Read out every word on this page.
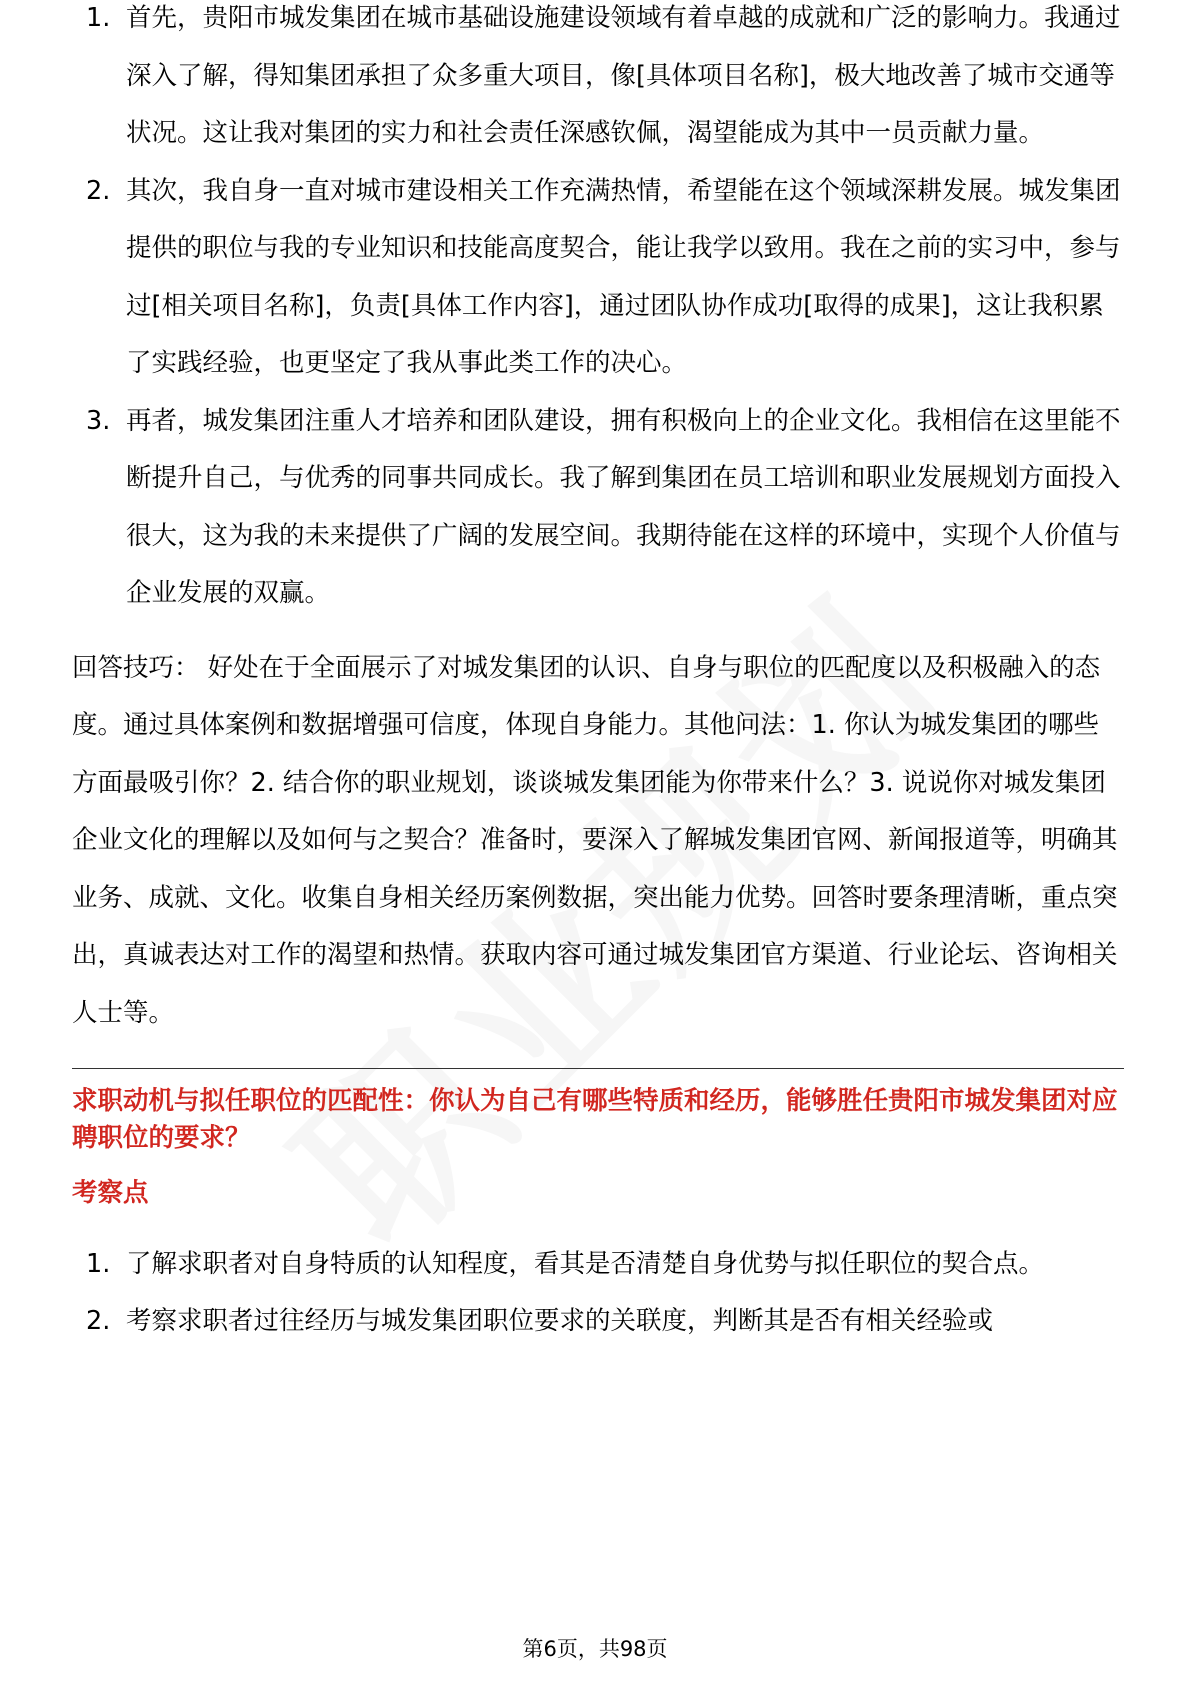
1. 首先，贵阳市城发集团在城市基础设施建设领域有着卓越的成就和广泛的影响力。我通过深入了解，得知集团承担了众多重大项目，像[具体项目名称]，极大地改善了城市交通等状况。这让我对集团的实力和社会责任深感钦佩，渴望能成为其中一员贡献力量。
2. 其次，我自身一直对城市建设相关工作充满热情，希望能在这个领域深耕发展。城发集团提供的职位与我的专业知识和技能高度契合，能让我学以致用。我在之前的实习中，参与过[相关项目名称]，负责[具体工作内容]，通过团队协作成功[取得的成果]，这让我积累了实践经验，也更坚定了我从事此类工作的决心。
3. 再者，城发集团注重人才培养和团队建设，拥有积极向上的企业文化。我相信在这里能不断提升自己，与优秀的同事共同成长。我了解到集团在员工培训和职业发展规划方面投入很大，这为我的未来提供了广阔的发展空间。我期待能在这样的环境中，实现个人价值与企业发展的双赢。

回答技巧： 好处在于全面展示了对城发集团的认识、自身与职位的匹配度以及积极融入的态度。通过具体案例和数据增强可信度，体现自身能力。其他问法：1. 你认为城发集团的哪些方面最吸引你？2. 结合你的职业规划，谈谈城发集团能为你带来什么？3. 说说你对城发集团企业文化的理解以及如何与之契合？准备时，要深入了解城发集团官网、新闻报道等，明确其业务、成就、文化。收集自身相关经历案例数据，突出能力优势。回答时要条理清晰，重点突出，真诚表达对工作的渴望和热情。获取内容可通过城发集团官方渠道、行业论坛、咨询相关人士等。

求职动机与拟任职位的匹配性：你认为自己有哪些特质和经历，能够胜任贵阳市城发集团对应聘职位的要求？
考察点
1. 了解求职者对自身特质的认知程度，看其是否清楚自身优势与拟任职位的契合点。
2. 考察求职者过往经历与城发集团职位要求的关联度，判断其是否有相关经验或
第6页，共98页
